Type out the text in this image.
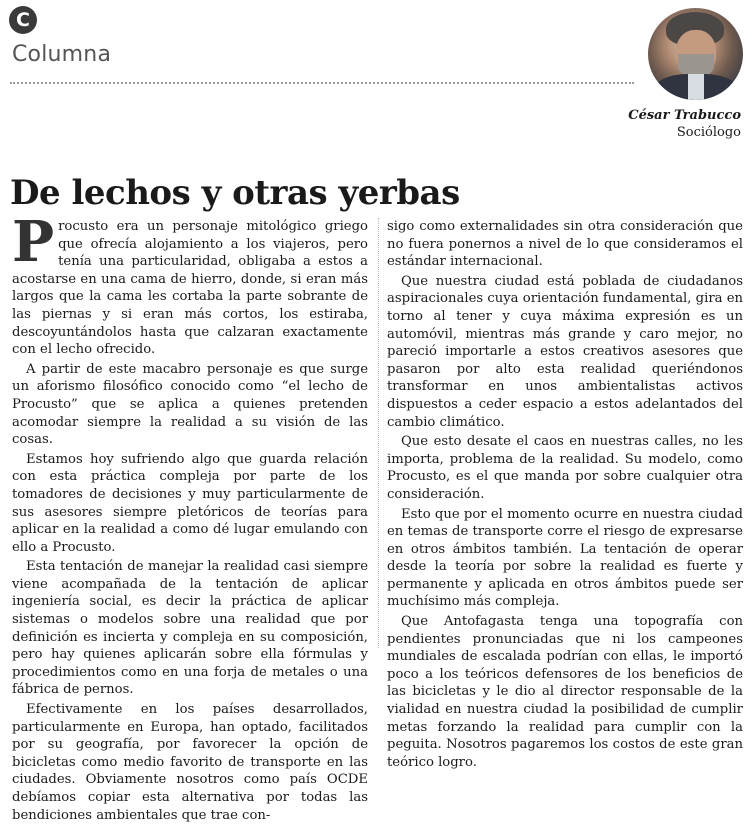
C
Columna
César Trabucco
Sociólogo
De lechos y otras yerbas

Procusto era un personaje mitológico griego que ofrecía alojamiento a los viajeros, pero tenía una particularidad, obligaba a estos a acostarse en una cama de hierro, donde, si eran más largos que la cama les cortaba la parte sobrante de las piernas y si eran más cortos, los estiraba, descoyuntándolos hasta que calzaran exactamente con el lecho ofrecido.

A partir de este macabro personaje es que surge un aforismo filosófico conocido como “el lecho de Procusto” que se aplica a quienes pretenden acomodar siempre la realidad a su visión de las cosas.

Estamos hoy sufriendo algo que guarda relación con esta práctica compleja por parte de los tomadores de decisiones y muy particularmente de sus asesores siempre pletóricos de teorías para aplicar en la realidad a como dé lugar emulando con ello a Procusto.

Esta tentación de manejar la realidad casi siempre viene acompañada de la tentación de aplicar ingeniería social, es decir la práctica de aplicar sistemas o modelos sobre una realidad que por definición es incierta y compleja en su composición, pero hay quienes aplicarán sobre ella fórmulas y procedimientos como en una forja de metales o una fábrica de pernos.

Efectivamente en los países desarrollados, particularmente en Europa, han optado, facilitados por su geografía, por favorecer la opción de bicicletas como medio favorito de transporte en las ciudades. Obviamente nosotros como país OCDE debíamos copiar esta alternativa por todas las bendiciones ambientales que trae con-

sigo como externalidades sin otra consideración que no fuera ponernos a nivel de lo que consideramos el estándar internacional.

Que nuestra ciudad está poblada de ciudadanos aspiracionales cuya orientación fundamental, gira en torno al tener y cuya máxima expresión es un automóvil, mientras más grande y caro mejor, no pareció importarle a estos creativos asesores que pasaron por alto esta realidad queriéndonos transformar en unos ambientalistas activos dispuestos a ceder espacio a estos adelantados del cambio climático.

Que esto desate el caos en nuestras calles, no les importa, problema de la realidad. Su modelo, como Procusto, es el que manda por sobre cualquier otra consideración.

Esto que por el momento ocurre en nuestra ciudad en temas de transporte corre el riesgo de expresarse en otros ámbitos también. La tentación de operar desde la teoría por sobre la realidad es fuerte y permanente y aplicada en otros ámbitos puede ser muchísimo más compleja.

Que Antofagasta tenga una topografía con pendientes pronunciadas que ni los campeones mundiales de escalada podrían con ellas, le importó poco a los teóricos defensores de los beneficios de las bicicletas y le dio al director responsable de la vialidad en nuestra ciudad la posibilidad de cumplir metas forzando la realidad para cumplir con la peguita. Nosotros pagaremos los costos de este gran teórico logro.
